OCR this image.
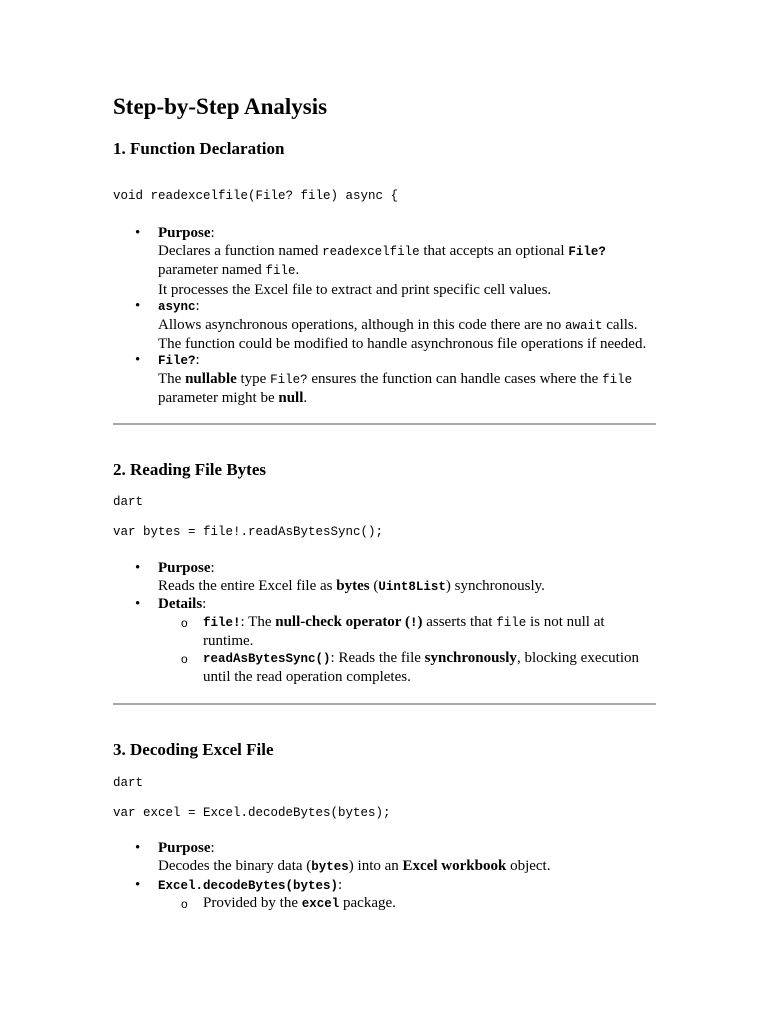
Step-by-Step Analysis
1. Function Declaration
void readexcelfile(File? file) async {
• Purpose:
Declares a function named readexcelfile that accepts an optional File?
parameter named file.
It processes the Excel file to extract and print specific cell values.
• async:
Allows asynchronous operations, although in this code there are no await calls.
The function could be modified to handle asynchronous file operations if needed.
• File?:
The nullable type File? ensures the function can handle cases where the file
parameter might be null.
2. Reading File Bytes
dart
var bytes = file!.readAsBytesSync();
• Purpose:
Reads the entire Excel file as bytes (Uint8List) synchronously.
• Details:
o file!: The null-check operator (!) asserts that file is not null at
runtime.
o readAsBytesSync(): Reads the file synchronously, blocking execution
until the read operation completes.
3. Decoding Excel File
dart
var excel = Excel.decodeBytes(bytes);
• Purpose:
Decodes the binary data (bytes) into an Excel workbook object.
• Excel.decodeBytes(bytes):
o Provided by the excel package.
